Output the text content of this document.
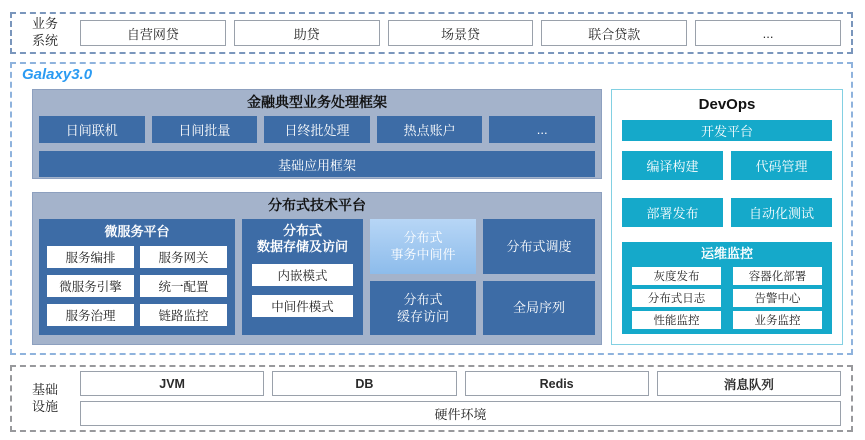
业务系统	自营网贷	助贷	场景贷	联合贷款	...
Galaxy3.0
金融典型业务处理框架
日间联机	日间批量	日终批处理	热点账户	...
基础应用框架
分布式技术平台
微服务平台
服务编排	服务网关
微服务引擎	统一配置
服务治理	链路监控
分布式
数据存储及访问
内嵌模式
中间件模式
分布式
事务中间件
分布式
缓存访问
分布式调度
全局序列
DevOps
开发平台
编译构建	代码管理
部署发布	自动化测试
运维监控
灰度发布	容器化部署
分布式日志	告警中心
性能监控	业务监控
基础设施
JVM	DB	Redis	消息队列
硬件环境
